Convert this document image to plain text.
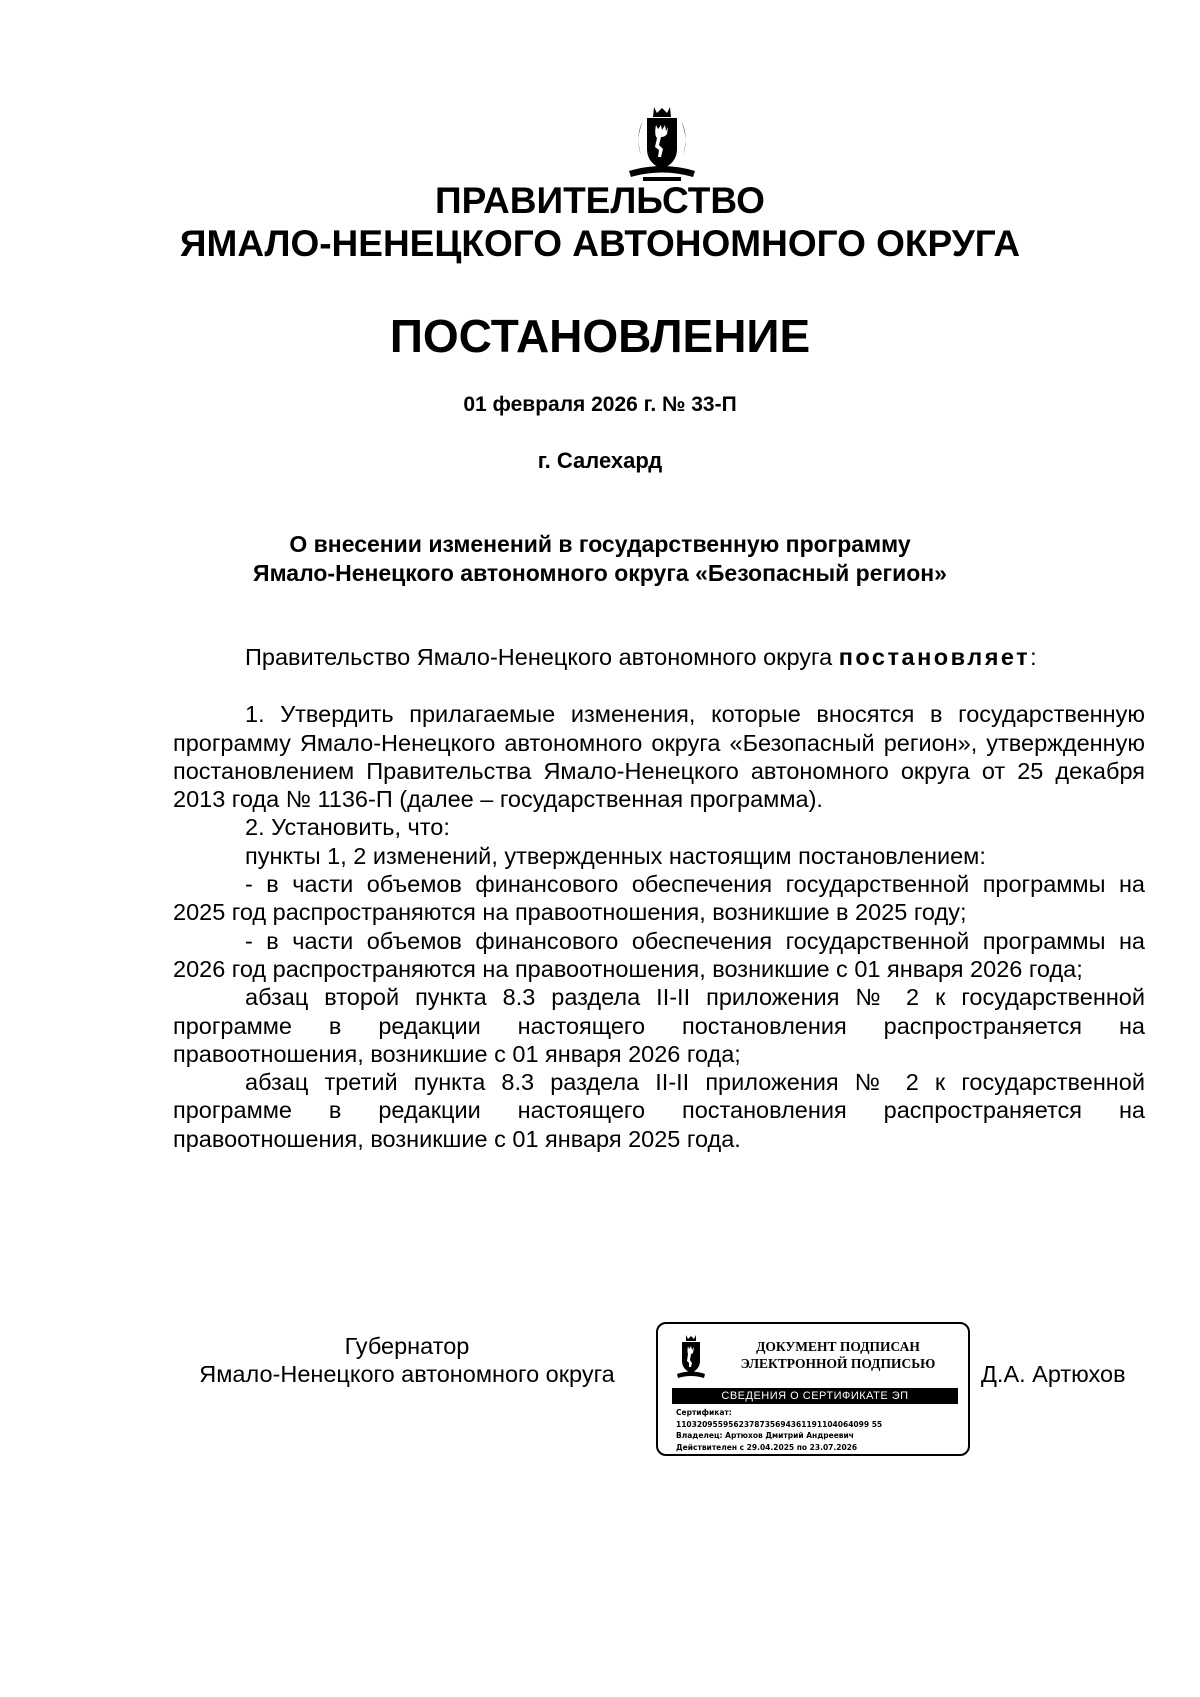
ПРАВИТЕЛЬСТВО
ЯМАЛО-НЕНЕЦКОГО АВТОНОМНОГО ОКРУГА
ПОСТАНОВЛЕНИЕ
01 февраля 2026 г. № 33-П
г. Салехард
О внесении изменений в государственную программу
Ямало-Ненецкого автономного округа «Безопасный регион»

Правительство Ямало-Ненецкого автономного округа постановляет:

1. Утвердить прилагаемые изменения, которые вносятся в государственную программу Ямало-Ненецкого автономного округа «Безопасный регион», утвержденную постановлением Правительства Ямало-Ненецкого автономного округа от 25 декабря 2013 года № 1136-П (далее – государственная программа).

2. Установить, что:

пункты 1, 2 изменений, утвержденных настоящим постановлением:

- в части объемов финансового обеспечения государственной программы на 2025 год распространяются на правоотношения, возникшие в 2025 году;

- в части объемов финансового обеспечения государственной программы на 2026 год распространяются на правоотношения, возникшие с 01 января 2026 года;

абзац второй пункта 8.3 раздела II-II приложения № 2 к государственной программе в редакции настоящего постановления распространяется на правоотношения, возникшие с 01 января 2026 года;

абзац третий пункта 8.3 раздела II-II приложения № 2 к государственной программе в редакции настоящего постановления распространяется на правоотношения, возникшие с 01 января 2025 года.

Губернатор
Ямало-Ненецкого автономного округа
ДОКУМЕНТ ПОДПИСАН
ЭЛЕКТРОННОЙ ПОДПИСЬЮ
СВЕДЕНИЯ О СЕРТИФИКАТЕ ЭП
Сертификат:
1103209559562378735694361191104064099 55
Владелец: Артюхов Дмитрий Андреевич
Действителен с 29.04.2025 по 23.07.2026
Д.А. Артюхов
